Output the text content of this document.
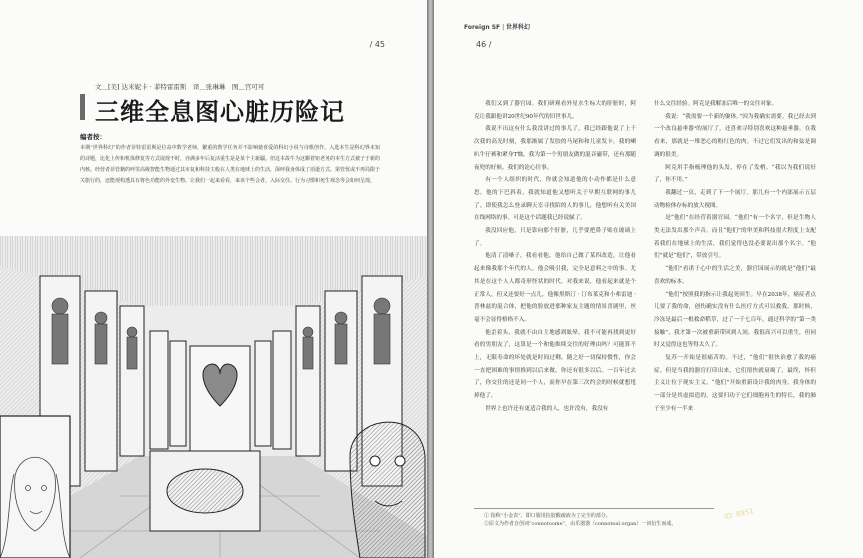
/ 45
文＿[美] 达米妮卡 · 菲特雷雷斯　译＿张琳琳　图＿宫可可
三维全息图心脏历险记
编者按：
本期“世界科幻”的作者菲特雷雷斯是位高中数学老师，繁重的教学任务并不影响她喜爱的科幻小说与诗歌创作。入选本生是科幻界未知的诗题，比化上传和机体修复等方式展现不时，亦满多年后复活重生是是某个主新疆。但这本故牛为这颗着钮老务的本生方式被子于新的内核。经营者菲管籍的呼里高级智能生物通过其市复和科技主般在人类在地球上的生活，深呼我身体成了消逝方式。第管忧或不再局限于关旅行的，还能现构透具有将色功能的外变生物。让我们一起来看看，来该个些会者。入际交往、行为习惯和死生观念等会如何呈现。
Foreign SF | 世界科幻
46 /

我们又到了器官园。我们研观看外星水生标大的肝脏时，阿克让我跟他讲20世纪90年代的旧世事儿。

我说不出这有什么我没讲过的事儿了。我已经跟他说了上千次我的高光时刻，我那渐属了发胶的马尾和和儿童发卡，我的喇叭牛仔裤和紧身T恤，我为第一个男朋友做的混音磁带，还有那随夜兜的好候。我们的论心往事。

有一个人组织的时代，你就会知道他的小动作都是什么意思。他的下巴斜着，我就知道他又想听关于早期互联网的事儿了。即使我怎么登录聊天室寻找陌的人的事儿，他想听有关美国在线网络的事。可是这个话题我已经说腻了。

我没回应他，只是靠向那个肝脏，几乎要把鼻子贴在玻璃上了。

他清了清嗓子，我看看他。他给自己做了某四改造，让他看起来像我那个年代的人。他会吸引我，完全是意料之中的事。尤其是在这个人人都奇形怪状的时代。对我来说，他看起来就是个正常人，但又还要好一点儿。他像黑斯汀 · 汀布莱克和小弗雷迪 · 普林兹的混合体，把他的脸放进那种家友主题的情景喜剧里，丝毫不会显得格格不入。

他歪着头，我就不由自主地感到眩晕。我不可能再找到更好看的男朋友了，这算是一个和他维续交往的好理由吗？可能算不上，无限寿命的坏处就是时间过剩。随之好一切保持惯性，你会一直把困难的事情推到以后来做。你还有很多以后。一百年过去了，你交往的还是同一个人，而你早在第三次约会的时候就想甩掉他了。

世界上也许还有更适合我的人，也许没有，我没有

什么交往经验。阿克是我解冻后唯一的交往对象。

我说：“我需要一个新的躯体。”因为我确实需要。我已经去到一个改良悬垂器¹的展厅了，还喜欢寻特别喜欢这种悬垂器。在我看来，那就是一堆恶心的粉红色的肉。不过它们发出的和弦是调调的很美。

阿克用手指梳理他的头发，停在了发梢。“我以为我们说好了，你不用。”

我翻过一页，走到了下一个展厅。那儿有一个内部展示五层动物检体存标的放大视图。

是“他们”在经营着器官园。“他们”有一个名字，但是生物人类无法发出那个声音。而且“他们”的审美和科技很大程度上支配着我们在地球上的生活，我们觉得也没必要说出那个名字。“他们”就是“他们”，带放引号。

“他们”看诺于心中的生活之美，器官园展示的就是“他们”最喜欢的标本。

“他们”按照我的指示让我起死回生。早在2038年，癌症者点儿要了我的命，创伤确实没有什么医疗方式可以救我。那时候，冷冻是最后一根救命稻草，过了一千七百年，通过科学的“第一类接触”，我才第一次被重新带回到人间。我很高兴可以重生，但同时又觉得这也等得太久了。

复苏一开始是很痛苦的。不过，“他们”很快治愈了我的癌症。但是当我的器官打印出来，它们很快就衰竭了。最终，怀但主义让位于现实主义。“他们”开始重新设计我的肉身。我身体的一部分是其虚拟造的，这要归功于它们细胞再生的特长，我的肺子至少有一半来

① 指称“小金表”，即口服用抗胶酸疏液为了完全的部分。
②原文为作者自创词“connotoome”，由乐器器（connotoal organ）一词衍生而成。
ID: 8951
